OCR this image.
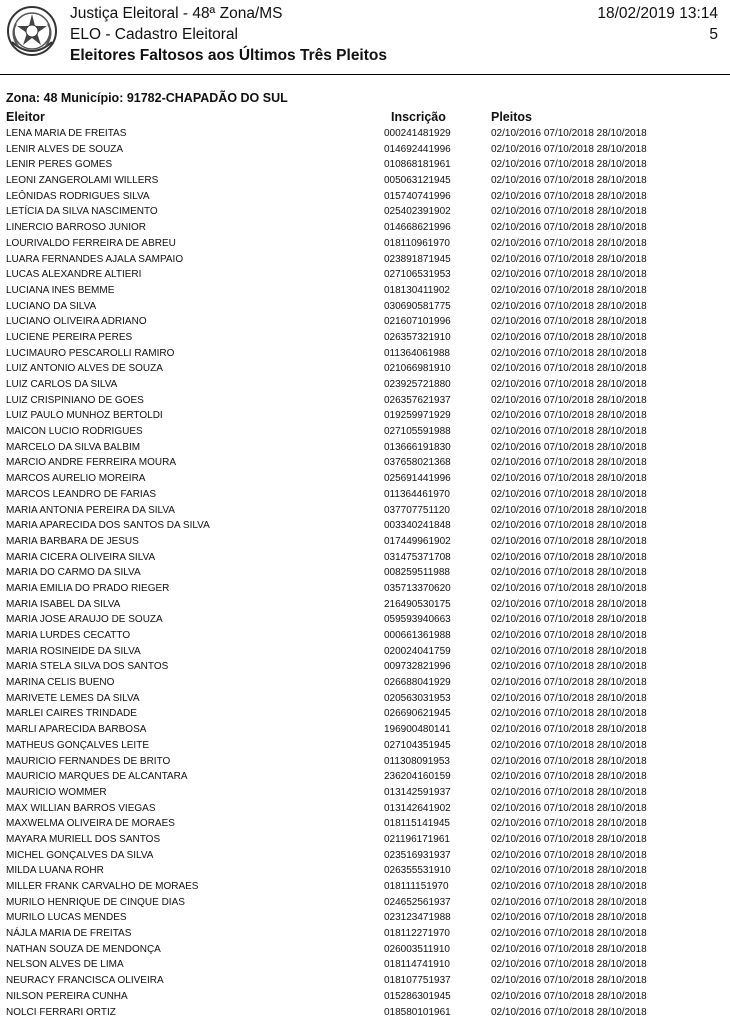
Justiça Eleitoral - 48ª Zona/MS
ELO - Cadastro Eleitoral
Eleitores Faltosos aos Últimos Três Pleitos
18/02/2019 13:14
5
Zona: 48 Município: 91782-CHAPADÃO DO SUL
Eleitor	Inscrição	Pleitos
LENA MARIA DE FREITAS	000241481929	02/10/2016 07/10/2018 28/10/2018
LENIR ALVES DE SOUZA	014692441996	02/10/2016 07/10/2018 28/10/2018
LENIR PERES GOMES	010868181961	02/10/2016 07/10/2018 28/10/2018
LEONI ZANGEROLAMI WILLERS	005063121945	02/10/2016 07/10/2018 28/10/2018
LEÔNIDAS RODRIGUES SILVA	015740741996	02/10/2016 07/10/2018 28/10/2018
LETÍCIA DA SILVA NASCIMENTO	025402391902	02/10/2016 07/10/2018 28/10/2018
LINERCIO BARROSO JUNIOR	014668621996	02/10/2016 07/10/2018 28/10/2018
LOURIVALDO FERREIRA DE ABREU	018110961970	02/10/2016 07/10/2018 28/10/2018
LUARA FERNANDES AJALA SAMPAIO	023891871945	02/10/2016 07/10/2018 28/10/2018
LUCAS ALEXANDRE ALTIERI	027106531953	02/10/2016 07/10/2018 28/10/2018
LUCIANA INES BEMME	018130411902	02/10/2016 07/10/2018 28/10/2018
LUCIANO DA SILVA	030690581775	02/10/2016 07/10/2018 28/10/2018
LUCIANO OLIVEIRA ADRIANO	021607101996	02/10/2016 07/10/2018 28/10/2018
LUCIENE PEREIRA PERES	026357321910	02/10/2016 07/10/2018 28/10/2018
LUCIMAURO PESCAROLLI RAMIRO	011364061988	02/10/2016 07/10/2018 28/10/2018
LUIZ ANTONIO ALVES DE SOUZA	021066981910	02/10/2016 07/10/2018 28/10/2018
LUIZ CARLOS DA SILVA	023925721880	02/10/2016 07/10/2018 28/10/2018
LUIZ CRISPINIANO DE GOES	026357621937	02/10/2016 07/10/2018 28/10/2018
LUIZ PAULO MUNHOZ BERTOLDI	019259971929	02/10/2016 07/10/2018 28/10/2018
MAICON LUCIO RODRIGUES	027105591988	02/10/2016 07/10/2018 28/10/2018
MARCELO DA SILVA BALBIM	013666191830	02/10/2016 07/10/2018 28/10/2018
MARCIO ANDRE FERREIRA MOURA	037658021368	02/10/2016 07/10/2018 28/10/2018
MARCOS AURELIO MOREIRA	025691441996	02/10/2016 07/10/2018 28/10/2018
MARCOS LEANDRO DE FARIAS	011364461970	02/10/2016 07/10/2018 28/10/2018
MARIA ANTONIA PEREIRA DA SILVA	037707751120	02/10/2016 07/10/2018 28/10/2018
MARIA APARECIDA DOS SANTOS DA SILVA	003340241848	02/10/2016 07/10/2018 28/10/2018
MARIA BARBARA DE JESUS	017449961902	02/10/2016 07/10/2018 28/10/2018
MARIA CICERA OLIVEIRA SILVA	031475371708	02/10/2016 07/10/2018 28/10/2018
MARIA DO CARMO DA SILVA	008259511988	02/10/2016 07/10/2018 28/10/2018
MARIA EMILIA DO PRADO RIEGER	035713370620	02/10/2016 07/10/2018 28/10/2018
MARIA ISABEL DA SILVA	216490530175	02/10/2016 07/10/2018 28/10/2018
MARIA JOSE ARAUJO DE SOUZA	059593940663	02/10/2016 07/10/2018 28/10/2018
MARIA LURDES CECATTO	000661361988	02/10/2016 07/10/2018 28/10/2018
MARIA ROSINEIDE DA SILVA	020024041759	02/10/2016 07/10/2018 28/10/2018
MARIA STELA SILVA DOS SANTOS	009732821996	02/10/2016 07/10/2018 28/10/2018
MARINA CELIS BUENO	026688041929	02/10/2016 07/10/2018 28/10/2018
MARIVETE LEMES DA SILVA	020563031953	02/10/2016 07/10/2018 28/10/2018
MARLEI CAIRES TRINDADE	026690621945	02/10/2016 07/10/2018 28/10/2018
MARLI APARECIDA BARBOSA	196900480141	02/10/2016 07/10/2018 28/10/2018
MATHEUS GONÇALVES LEITE	027104351945	02/10/2016 07/10/2018 28/10/2018
MAURICIO FERNANDES DE BRITO	011308091953	02/10/2016 07/10/2018 28/10/2018
MAURICIO MARQUES DE ALCANTARA	236204160159	02/10/2016 07/10/2018 28/10/2018
MAURICIO WOMMER	013142591937	02/10/2016 07/10/2018 28/10/2018
MAX WILLIAN BARROS VIEGAS	013142641902	02/10/2016 07/10/2018 28/10/2018
MAXWELMA OLIVEIRA DE MORAES	018115141945	02/10/2016 07/10/2018 28/10/2018
MAYARA MURIELL DOS SANTOS	021196171961	02/10/2016 07/10/2018 28/10/2018
MICHEL GONÇALVES DA SILVA	023516931937	02/10/2016 07/10/2018 28/10/2018
MILDA LUANA ROHR	026355531910	02/10/2016 07/10/2018 28/10/2018
MILLER FRANK CARVALHO DE MORAES	018111151970	02/10/2016 07/10/2018 28/10/2018
MURILO HENRIQUE DE CINQUE DIAS	024652561937	02/10/2016 07/10/2018 28/10/2018
MURILO LUCAS MENDES	023123471988	02/10/2016 07/10/2018 28/10/2018
NÁJLA MARIA DE FREITAS	018112271970	02/10/2016 07/10/2018 28/10/2018
NATHAN SOUZA DE MENDONÇA	026003511910	02/10/2016 07/10/2018 28/10/2018
NELSON ALVES DE LIMA	018114741910	02/10/2016 07/10/2018 28/10/2018
NEURACY FRANCISCA OLIVEIRA	018107751937	02/10/2016 07/10/2018 28/10/2018
NILSON PEREIRA CUNHA	015286301945	02/10/2016 07/10/2018 28/10/2018
NOLCI FERRARI ORTIZ	018580101961	02/10/2016 07/10/2018 28/10/2018
